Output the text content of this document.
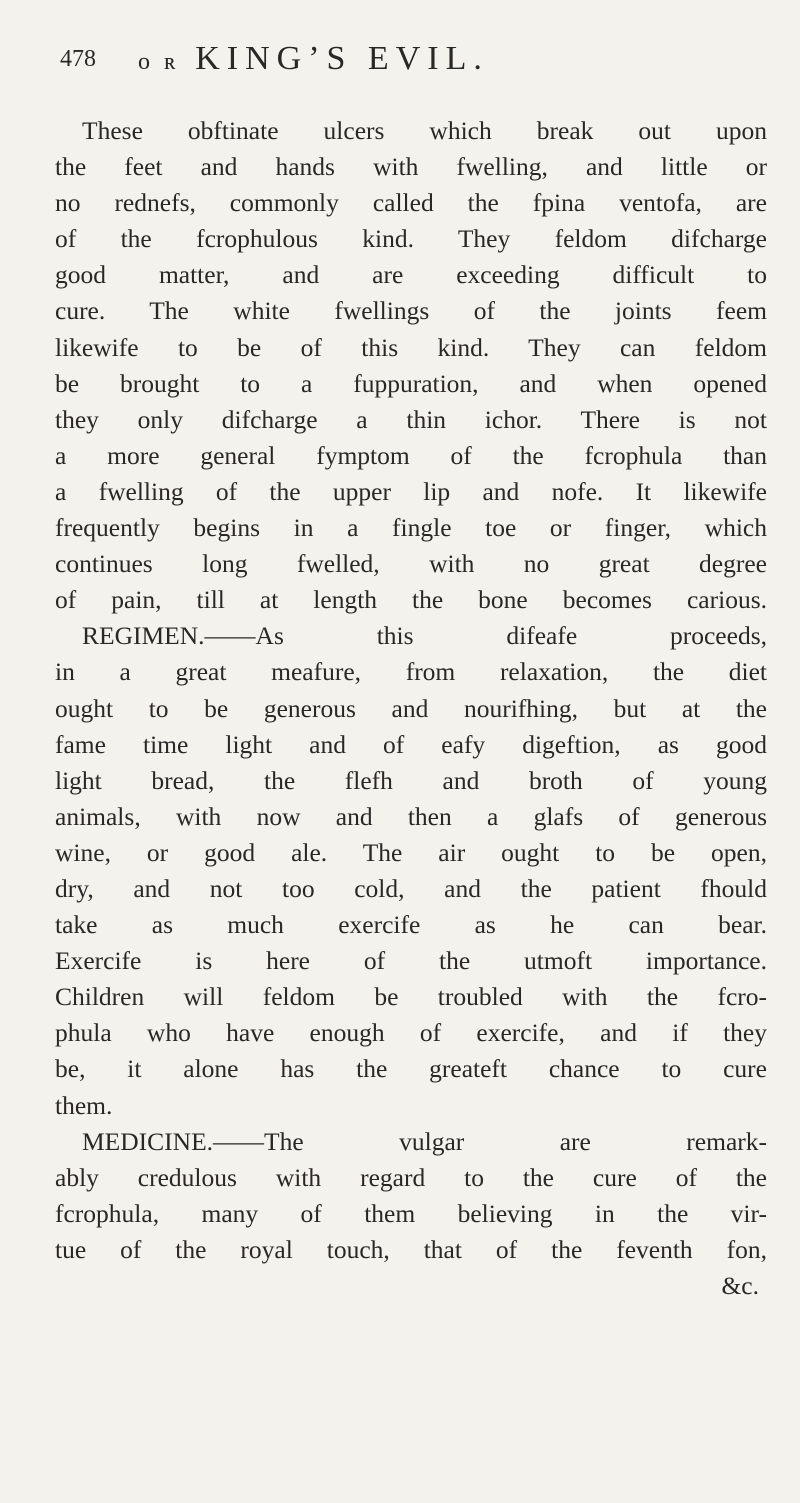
478 o ʀ KING’S EVIL.
These obftinate ulcers which break out upon
the feet and hands with fwelling, and little or
no rednefs, commonly called the fpina ventofa, are
of the fcrophulous kind. They feldom difcharge
good matter, and are exceeding difficult to
cure. The white fwellings of the joints feem
likewife to be of this kind. They can feldom
be brought to a fuppuration, and when opened
they only difcharge a thin ichor. There is not
a more general fymptom of the fcrophula than
a fwelling of the upper lip and nofe. It likewife
frequently begins in a fingle toe or finger, which
continues long fwelled, with no great degree
of pain, till at length the bone becomes carious.
REGIMEN.——As this difeafe proceeds,
in a great meafure, from relaxation, the diet
ought to be generous and nourifhing, but at the
fame time light and of eafy digeftion, as good
light bread, the flefh and broth of young
animals, with now and then a glafs of generous
wine, or good ale. The air ought to be open,
dry, and not too cold, and the patient fhould
take as much exercife as he can bear.
Exercife is here of the utmoft importance.
Children will feldom be troubled with the fcro-
phula who have enough of exercife, and if they
be, it alone has the greateft chance to cure
them.
MEDICINE.——The vulgar are remark-
ably credulous with regard to the cure of the
fcrophula, many of them believing in the vir-
tue of the royal touch, that of the feventh fon,
&c.
